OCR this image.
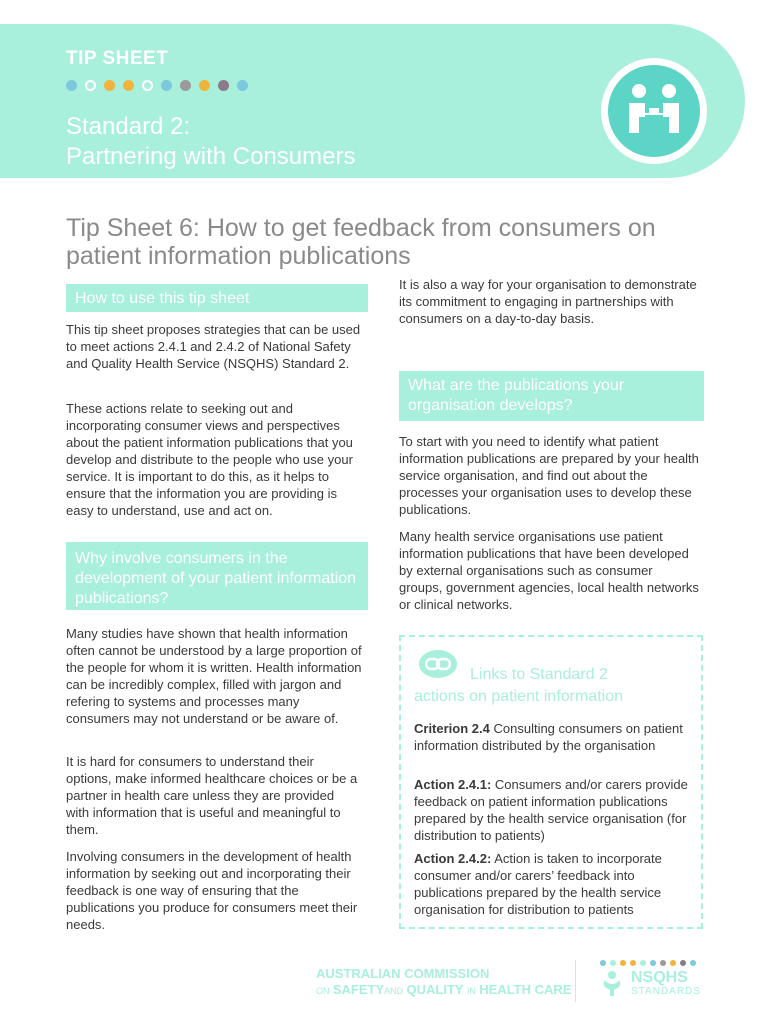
TIP SHEET
Standard 2:
Partnering with Consumers
Tip Sheet 6: How to get feedback from consumers on patient information publications
How to use this tip sheet

This tip sheet proposes strategies that can be used to meet actions 2.4.1 and 2.4.2 of National Safety and Quality Health Service (NSQHS) Standard 2.

These actions relate to seeking out and incorporating consumer views and perspectives about the patient information publications that you develop and distribute to the people who use your service. It is important to do this, as it helps to ensure that the information you are providing is easy to understand, use and act on.

Why involve consumers in the development of your patient information publications?

Many studies have shown that health information often cannot be understood by a large proportion of the people for whom it is written. Health information can be incredibly complex, filled with jargon and refering to systems and processes many consumers may not understand or be aware of.

It is hard for consumers to understand their options, make informed healthcare choices or be a partner in health care unless they are provided with information that is useful and meaningful to them.

Involving consumers in the development of health information by seeking out and incorporating their feedback is one way of ensuring that the publications you produce for consumers meet their needs.

It is also a way for your organisation to demonstrate its commitment to engaging in partnerships with consumers on a day-to-day basis.

What are the publications your organisation develops?

To start with you need to identify what patient information publications are prepared by your health service organisation, and find out about the processes your organisation uses to develop these publications.

Many health service organisations use patient information publications that have been developed by external organisations such as consumer groups, government agencies, local health networks or clinical networks.

Links to Standard 2
actions on patient information

Criterion 2.4 Consulting consumers on patient information distributed by the organisation

Action 2.4.1: Consumers and/or carers provide feedback on patient information publications prepared by the health service organisation (for distribution to patients)

Action 2.4.2: Action is taken to incorporate consumer and/or carers’ feedback into publications prepared by the health service organisation for distribution to patients

AUSTRALIAN COMMISSION
ON SAFETYAND QUALITY IN HEALTH CARE
NSQHS
STANDARDS
